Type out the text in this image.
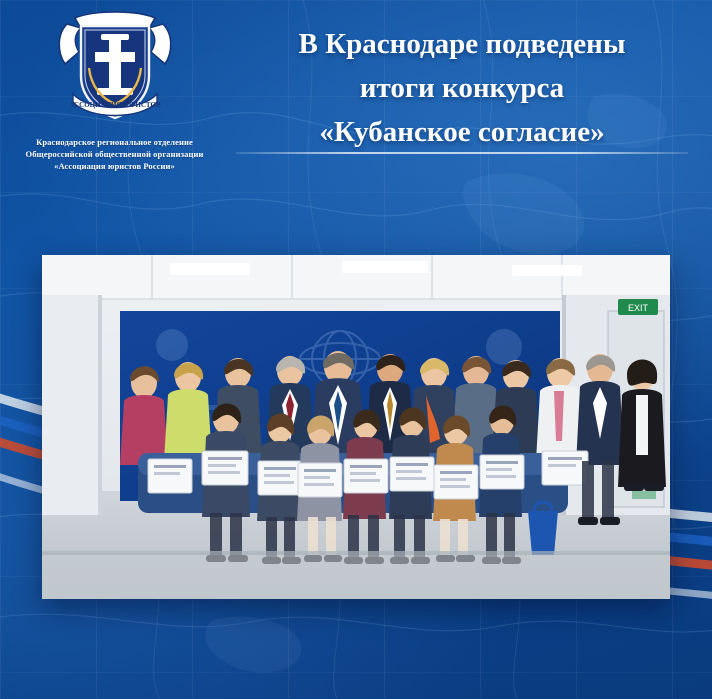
АССОЦИАЦИЯ ЮРИСТОВ
Краснодарское региональное отделение
Общероссийской общественной организации
«Ассоциация юристов России»
В Краснодаре подведены
итоги конкурса
«Кубанское согласие»
EXIT
